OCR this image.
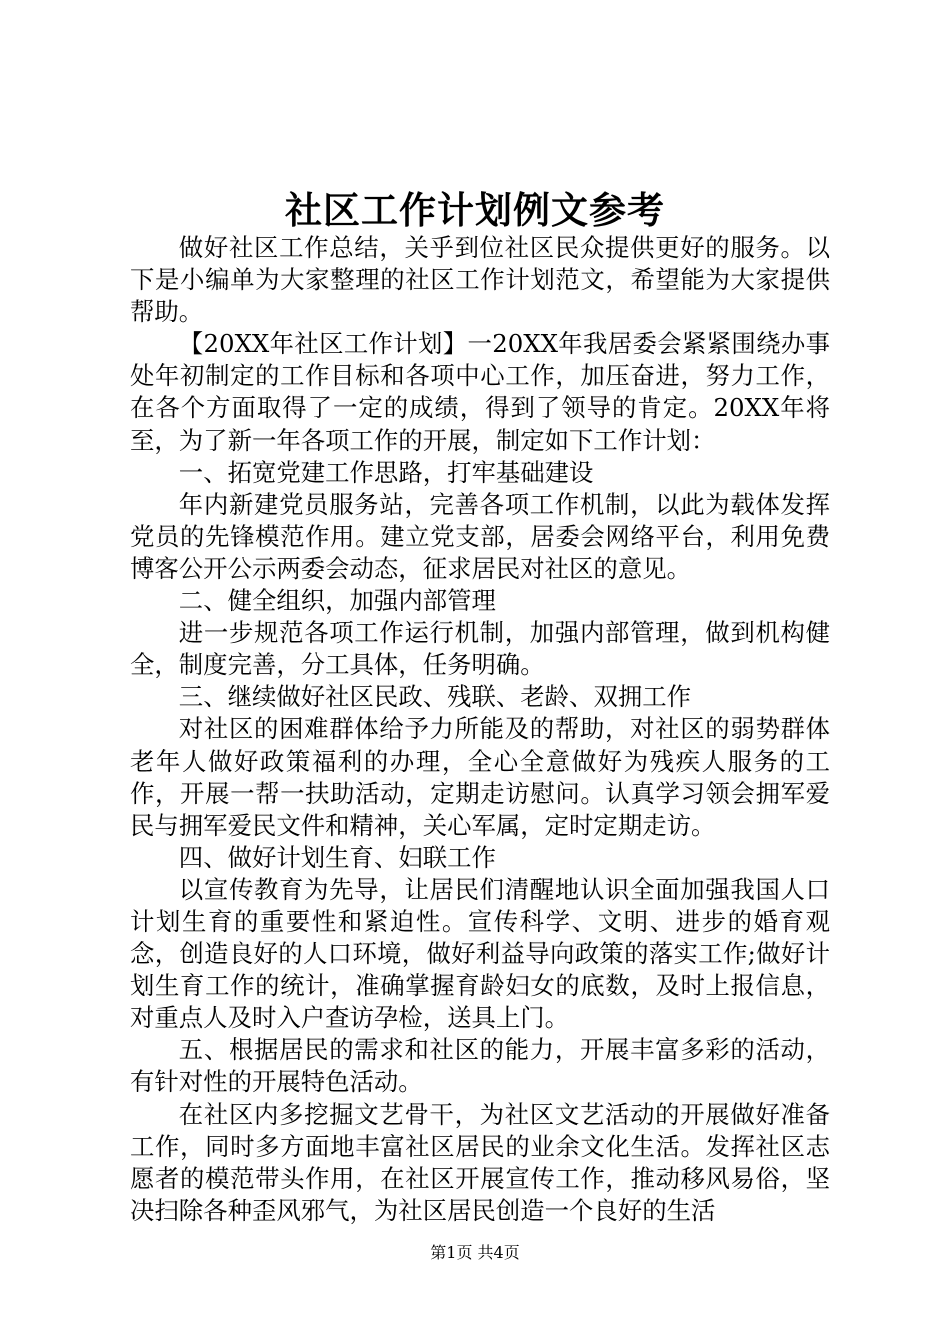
社区工作计划例文参考

做好社区工作总结，关乎到位社区民众提供更好的服务。以下是小编单为大家整理的社区工作计划范文，希望能为大家提供帮助。

【20XX年社区工作计划】一20XX年我居委会紧紧围绕办事处年初制定的工作目标和各项中心工作，加压奋进，努力工作，在各个方面取得了一定的成绩，得到了领导的肯定。20XX年将至，为了新一年各项工作的开展，制定如下工作计划：

一、拓宽党建工作思路，打牢基础建设

年内新建党员服务站，完善各项工作机制，以此为载体发挥党员的先锋模范作用。建立党支部，居委会网络平台，利用免费博客公开公示两委会动态，征求居民对社区的意见。

二、健全组织，加强内部管理

进一步规范各项工作运行机制，加强内部管理，做到机构健全，制度完善，分工具体，任务明确。

三、继续做好社区民政、残联、老龄、双拥工作

对社区的困难群体给予力所能及的帮助，对社区的弱势群体老年人做好政策福利的办理，全心全意做好为残疾人服务的工作，开展一帮一扶助活动，定期走访慰问。认真学习领会拥军爱民与拥军爱民文件和精神，关心军属，定时定期走访。

四、做好计划生育、妇联工作

以宣传教育为先导，让居民们清醒地认识全面加强我国人口计划生育的重要性和紧迫性。宣传科学、文明、进步的婚育观念，创造良好的人口环境，做好利益导向政策的落实工作;做好计划生育工作的统计，准确掌握育龄妇女的底数，及时上报信息，对重点人及时入户查访孕检，送具上门。

五、根据居民的需求和社区的能力，开展丰富多彩的活动，有针对性的开展特色活动。

在社区内多挖掘文艺骨干，为社区文艺活动的开展做好准备工作，同时多方面地丰富社区居民的业余文化生活。发挥社区志愿者的模范带头作用，在社区开展宣传工作，推动移风易俗，坚决扫除各种歪风邪气，为社区居民创造一个良好的生活

第1页 共4页
